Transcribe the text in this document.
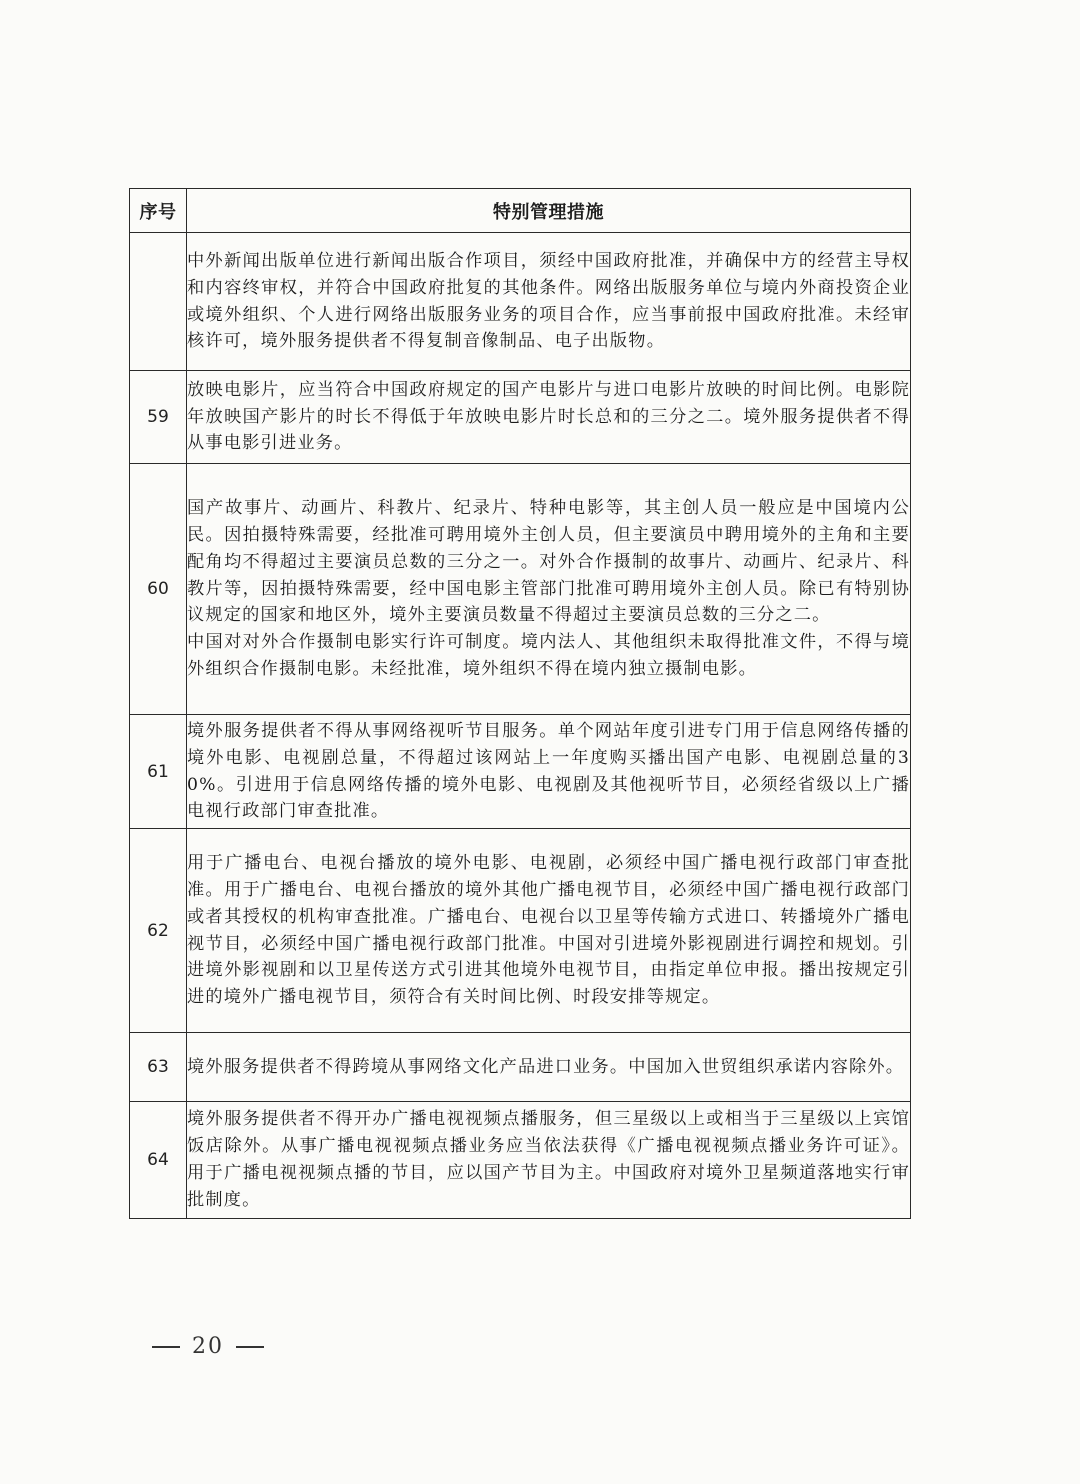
序号	特别管理措施

	中外新闻出版单位进行新闻出版合作项目，须经中国政府批准，并确保中方的经营主导权和内容终审权，并符合中国政府批复的其他条件。网络出版服务单位与境内外商投资企业或境外组织、个人进行网络出版服务业务的项目合作，应当事前报中国政府批准。未经审核许可，境外服务提供者不得复制音像制品、电子出版物。

59	放映电影片，应当符合中国政府规定的国产电影片与进口电影片放映的时间比例。电影院年放映国产影片的时长不得低于年放映电影片时长总和的三分之二。境外服务提供者不得从事电影引进业务。

60	国产故事片、动画片、科教片、纪录片、特种电影等，其主创人员一般应是中国境内公民。因拍摄特殊需要，经批准可聘用境外主创人员，但主要演员中聘用境外的主角和主要配角均不得超过主要演员总数的三分之一。对外合作摄制的故事片、动画片、纪录片、科教片等，因拍摄特殊需要，经中国电影主管部门批准可聘用境外主创人员。除已有特别协议规定的国家和地区外，境外主要演员数量不得超过主要演员总数的三分之二。
中国对对外合作摄制电影实行许可制度。境内法人、其他组织未取得批准文件，不得与境外组织合作摄制电影。未经批准，境外组织不得在境内独立摄制电影。

61	境外服务提供者不得从事网络视听节目服务。单个网站年度引进专门用于信息网络传播的境外电影、电视剧总量，不得超过该网站上一年度购买播出国产电影、电视剧总量的30%。引进用于信息网络传播的境外电影、电视剧及其他视听节目，必须经省级以上广播电视行政部门审查批准。

62	用于广播电台、电视台播放的境外电影、电视剧，必须经中国广播电视行政部门审查批准。用于广播电台、电视台播放的境外其他广播电视节目，必须经中国广播电视行政部门或者其授权的机构审查批准。广播电台、电视台以卫星等传输方式进口、转播境外广播电视节目，必须经中国广播电视行政部门批准。中国对引进境外影视剧进行调控和规划。引进境外影视剧和以卫星传送方式引进其他境外电视节目，由指定单位申报。播出按规定引进的境外广播电视节目，须符合有关时间比例、时段安排等规定。

63	境外服务提供者不得跨境从事网络文化产品进口业务。中国加入世贸组织承诺内容除外。

64	境外服务提供者不得开办广播电视视频点播服务，但三星级以上或相当于三星级以上宾馆饭店除外。从事广播电视视频点播业务应当依法获得《广播电视视频点播业务许可证》。用于广播电视视频点播的节目，应以国产节目为主。中国政府对境外卫星频道落地实行审批制度。
20
